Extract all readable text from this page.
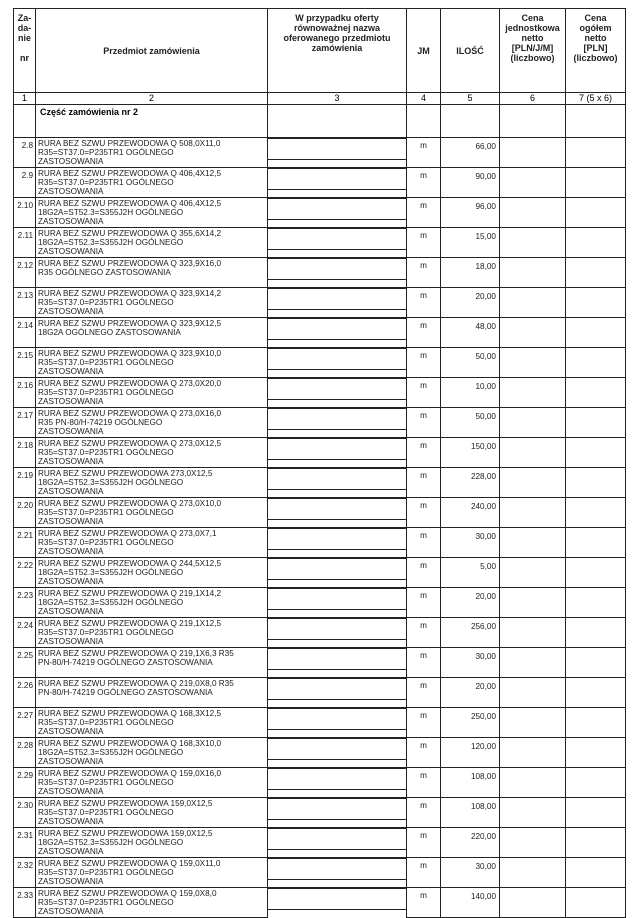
Za-
da-
nie

nr	Przedmiot zamówienia	W przypadku oferty
równoważnej nazwa
oferowanego przedmiotu
zamówienia	JM	ILOŚĆ	Cena
jednostkowa
netto
[PLN/J/M]
(liczbowo)	Cena
ogółem
netto
[PLN]
(liczbowo)
1	2	3	4	5	6	7 (5 x 6)
	Część zamówienia nr 2					
2.8	RURA BEZ SZWU PRZEWODOWA Q 508,0X11,0
R35=ST37.0=P235TR1 OGÓLNEGO
ZASTOSOWANIA		m	66,00		
2.9	RURA BEZ SZWU PRZEWODOWA Q 406,4X12,5
R35=ST37.0=P235TR1 OGÓLNEGO
ZASTOSOWANIA		m	90,00		
2.10	RURA BEZ SZWU PRZEWODOWA Q 406,4X12,5
18G2A=ST52.3=S355J2H OGÓLNEGO
ZASTOSOWANIA		m	96,00		
2.11	RURA BEZ SZWU PRZEWODOWA Q 355,6X14,2
18G2A=ST52.3=S355J2H OGÓLNEGO
ZASTOSOWANIA		m	15,00		
2.12	RURA BEZ SZWU PRZEWODOWA Q 323,9X16,0
R35 OGÓLNEGO ZASTOSOWANIA		m	18,00		
2.13	RURA BEZ SZWU PRZEWODOWA Q 323,9X14,2
R35=ST37.0=P235TR1 OGÓLNEGO
ZASTOSOWANIA		m	20,00		
2.14	RURA BEZ SZWU PRZEWODOWA Q 323,9X12,5
18G2A OGÓLNEGO ZASTOSOWANIA		m	48,00		
2.15	RURA BEZ SZWU PRZEWODOWA Q 323,9X10,0
R35=ST37.0=P235TR1 OGÓLNEGO
ZASTOSOWANIA		m	50,00		
2.16	RURA BEZ SZWU PRZEWODOWA Q 273,0X20,0
R35=ST37.0=P235TR1 OGÓLNEGO
ZASTOSOWANIA		m	10,00		
2.17	RURA BEZ SZWU PRZEWODOWA Q 273,0X16,0
R35 PN-80/H-74219 OGÓLNEGO
ZASTOSOWANIA		m	50,00		
2.18	RURA BEZ SZWU PRZEWODOWA Q 273,0X12,5
R35=ST37.0=P235TR1 OGÓLNEGO
ZASTOSOWANIA		m	150,00		
2.19	RURA BEZ SZWU PRZEWODOWA 273,0X12,5
18G2A=ST52.3=S355J2H OGÓLNEGO
ZASTOSOWANIA		m	228,00		
2.20	RURA BEZ SZWU PRZEWODOWA Q 273,0X10,0
R35=ST37.0=P235TR1 OGÓLNEGO
ZASTOSOWANIA		m	240,00		
2.21	RURA BEZ SZWU PRZEWODOWA Q 273,0X7,1
R35=ST37.0=P235TR1 OGÓLNEGO
ZASTOSOWANIA		m	30,00		
2.22	RURA BEZ SZWU PRZEWODOWA Q 244,5X12,5
18G2A=ST52.3=S355J2H OGÓLNEGO
ZASTOSOWANIA		m	5,00		
2.23	RURA BEZ SZWU PRZEWODOWA Q 219,1X14,2
18G2A=ST52.3=S355J2H OGÓLNEGO
ZASTOSOWANIA		m	20,00		
2.24	RURA BEZ SZWU PRZEWODOWA Q 219,1X12,5
R35=ST37.0=P235TR1 OGÓLNEGO
ZASTOSOWANIA		m	256,00		
2.25	RURA BEZ SZWU PRZEWODOWA Q 219,1X6,3 R35
PN-80/H-74219 OGÓLNEGO ZASTOSOWANIA		m	30,00		
2.26	RURA BEZ SZWU PRZEWODOWA Q 219,0X8,0 R35
PN-80/H-74219 OGÓLNEGO ZASTOSOWANIA		m	20,00		
2.27	RURA BEZ SZWU PRZEWODOWA Q 168,3X12,5
R35=ST37.0=P235TR1 OGÓLNEGO
ZASTOSOWANIA		m	250,00		
2.28	RURA BEZ SZWU PRZEWODOWA Q 168,3X10,0
18G2A=ST52.3=S355J2H OGÓLNEGO
ZASTOSOWANIA		m	120,00		
2.29	RURA BEZ SZWU PRZEWODOWA Q 159,0X16,0
R35=ST37.0=P235TR1 OGÓLNEGO
ZASTOSOWANIA		m	108,00		
2.30	RURA BEZ SZWU PRZEWODOWA 159,0X12,5
R35=ST37.0=P235TR1 OGÓLNEGO
ZASTOSOWANIA		m	108,00		
2.31	RURA BEZ SZWU PRZEWODOWA 159,0X12,5
18G2A=ST52.3=S355J2H OGÓLNEGO
ZASTOSOWANIA		m	220,00		
2.32	RURA BEZ SZWU PRZEWODOWA Q 159,0X11,0
R35=ST37.0=P235TR1 OGÓLNEGO
ZASTOSOWANIA		m	30,00		
2.33	RURA BEZ SZWU PRZEWODOWA Q 159,0X8,0
R35=ST37.0=P235TR1 OGÓLNEGO
ZASTOSOWANIA		m	140,00		
